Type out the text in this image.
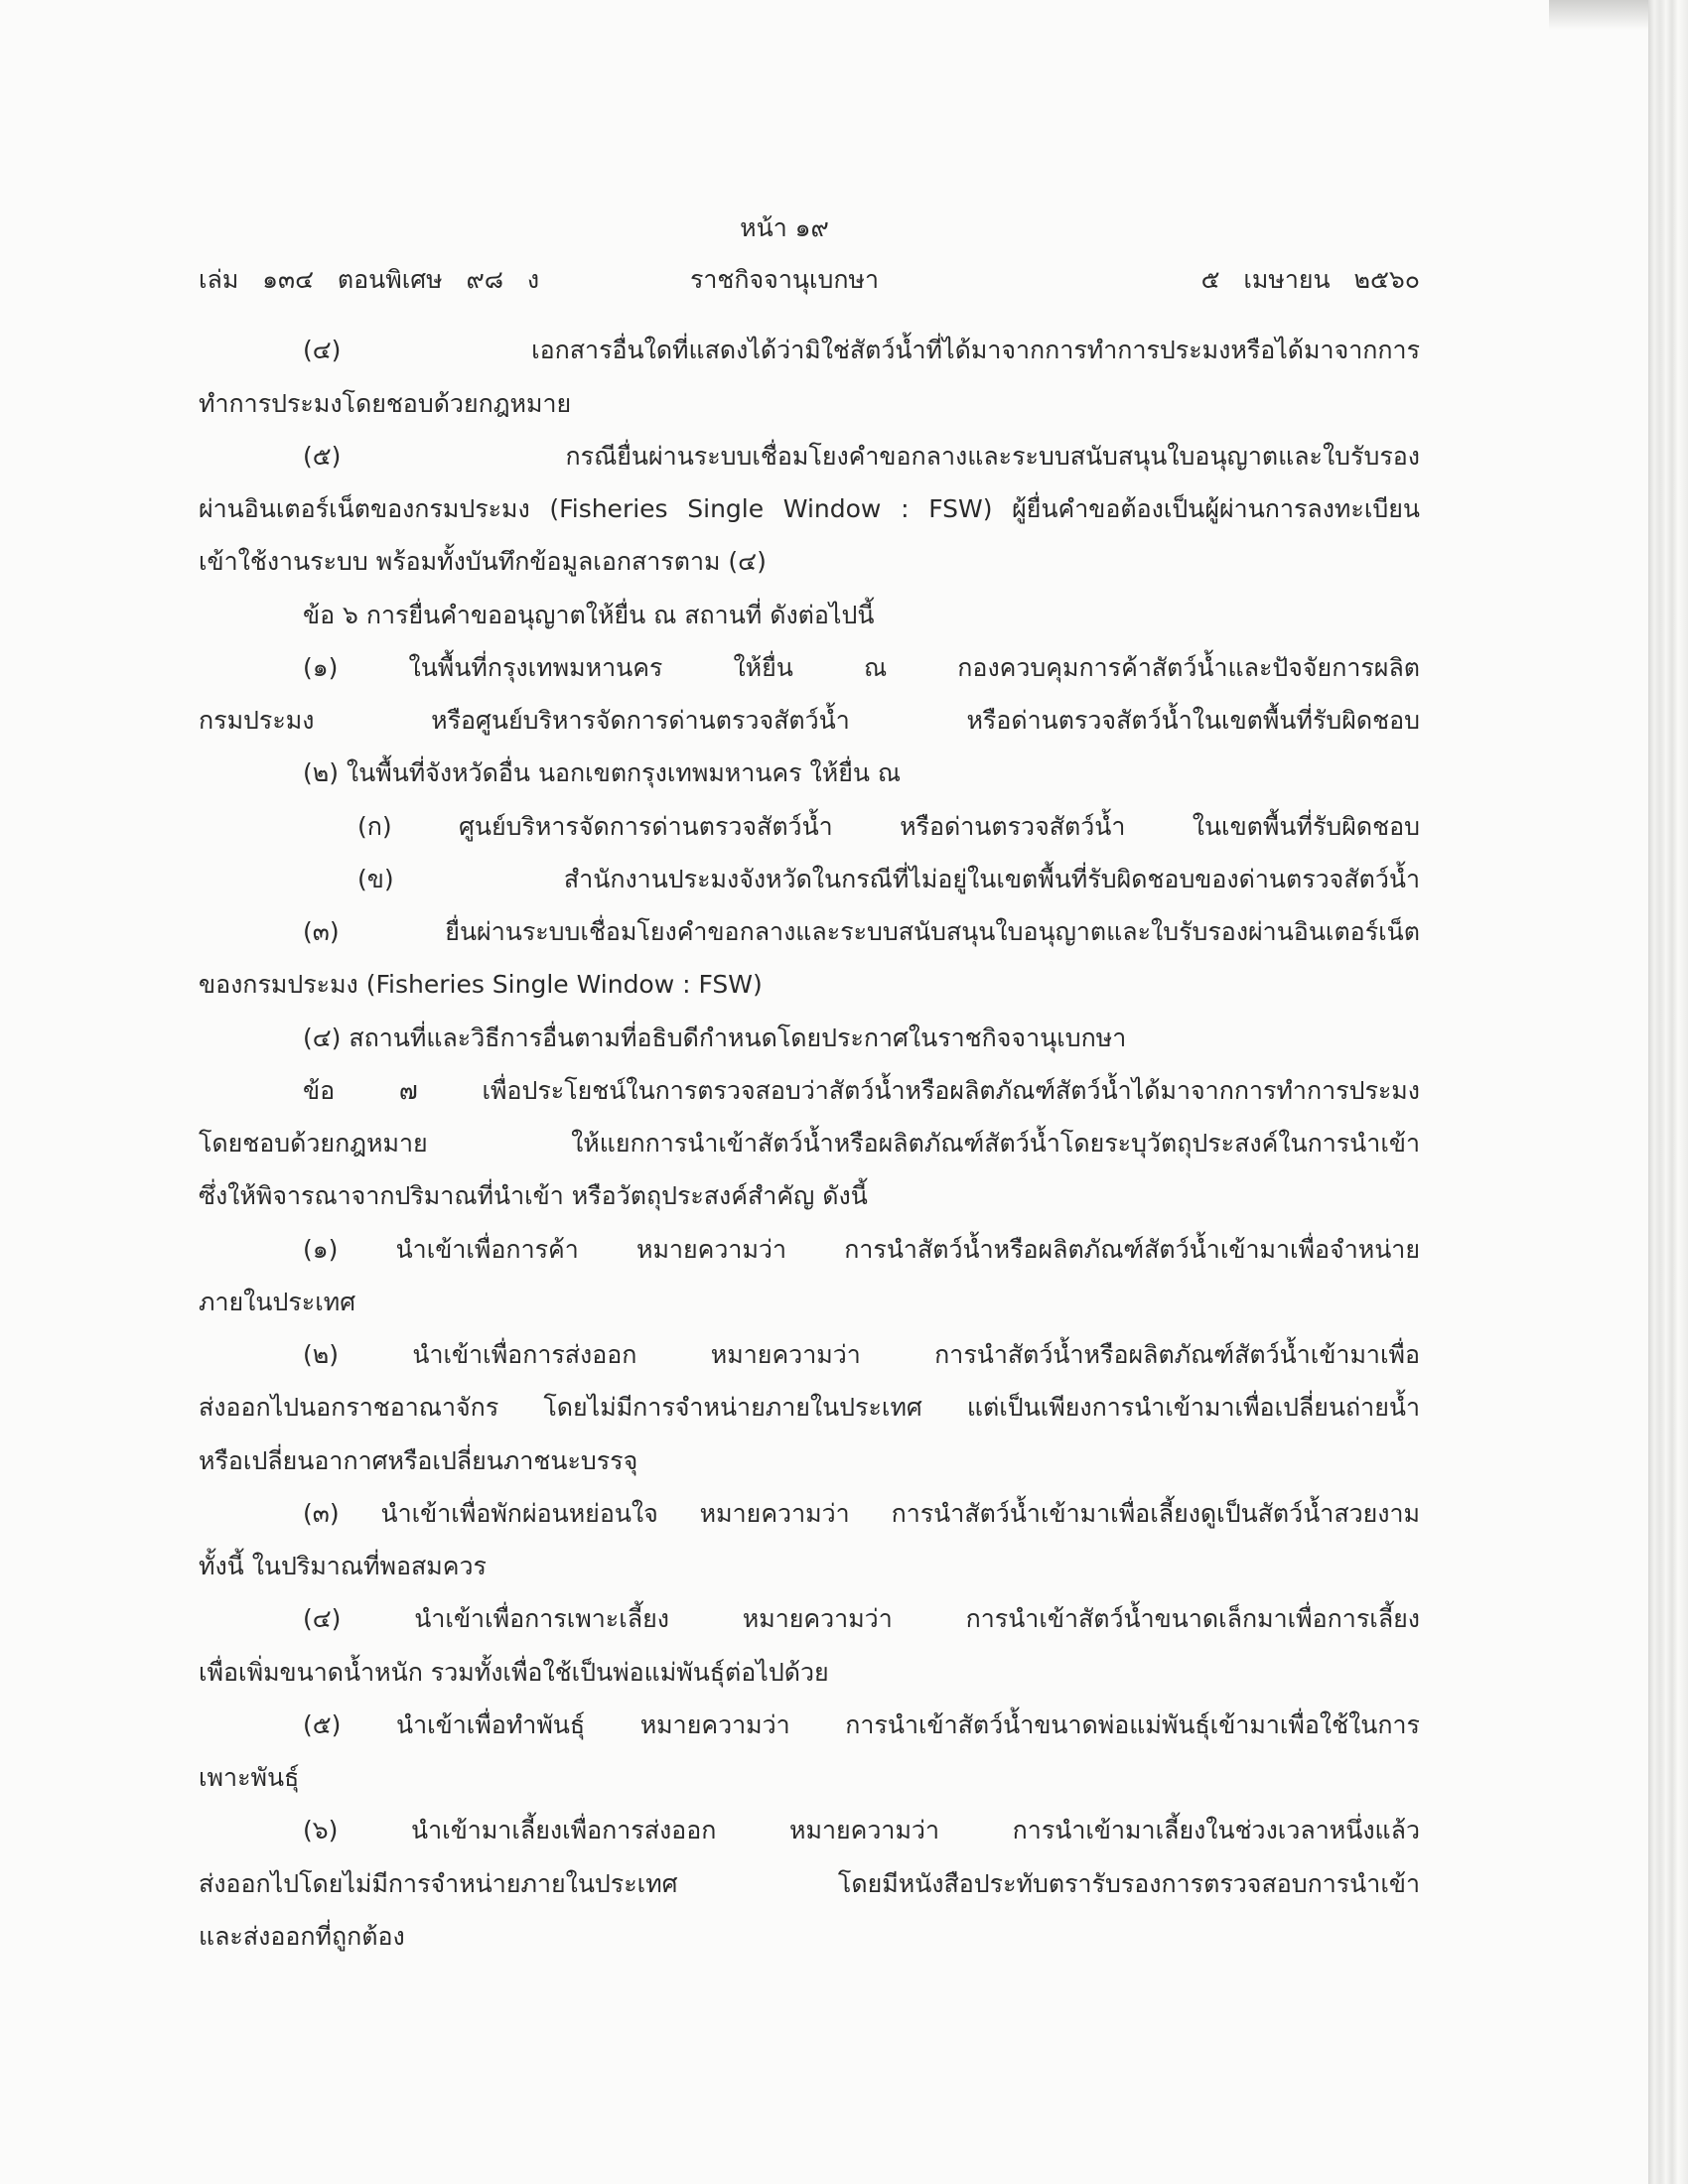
หน้า ๑๙
เล่ม   ๑๓๔   ตอนพิเศษ   ๙๘   ง	ราชกิจจานุเบกษา	๕   เมษายน   ๒๕๖๐
(๔) เอกสารอื่นใดที่แสดงได้ว่ามิใช่สัตว์น้ำที่ได้มาจากการทำการประมงหรือได้มาจากการ
ทำการประมงโดยชอบด้วยกฎหมาย
(๕) กรณียื่นผ่านระบบเชื่อมโยงคำขอกลางและระบบสนับสนุนใบอนุญาตและใบรับรอง
ผ่านอินเตอร์เน็ตของกรมประมง (Fisheries Single Window : FSW) ผู้ยื่นคำขอต้องเป็นผู้ผ่านการลงทะเบียน
เข้าใช้งานระบบ พร้อมทั้งบันทึกข้อมูลเอกสารตาม (๔)
ข้อ ๖ การยื่นคำขออนุญาตให้ยื่น ณ สถานที่ ดังต่อไปนี้
(๑) ในพื้นที่กรุงเทพมหานคร ให้ยื่น ณ กองควบคุมการค้าสัตว์น้ำและปัจจัยการผลิต
กรมประมง หรือศูนย์บริหารจัดการด่านตรวจสัตว์น้ำ หรือด่านตรวจสัตว์น้ำในเขตพื้นที่รับผิดชอบ
(๒) ในพื้นที่จังหวัดอื่น นอกเขตกรุงเทพมหานคร ให้ยื่น ณ
(ก) ศูนย์บริหารจัดการด่านตรวจสัตว์น้ำ หรือด่านตรวจสัตว์น้ำ ในเขตพื้นที่รับผิดชอบ
(ข) สำนักงานประมงจังหวัดในกรณีที่ไม่อยู่ในเขตพื้นที่รับผิดชอบของด่านตรวจสัตว์น้ำ
(๓) ยื่นผ่านระบบเชื่อมโยงคำขอกลางและระบบสนับสนุนใบอนุญาตและใบรับรองผ่านอินเตอร์เน็ต
ของกรมประมง (Fisheries Single Window : FSW)
(๔) สถานที่และวิธีการอื่นตามที่อธิบดีกำหนดโดยประกาศในราชกิจจานุเบกษา
ข้อ ๗ เพื่อประโยชน์ในการตรวจสอบว่าสัตว์น้ำหรือผลิตภัณฑ์สัตว์น้ำได้มาจากการทำการประมง
โดยชอบด้วยกฎหมาย ให้แยกการนำเข้าสัตว์น้ำหรือผลิตภัณฑ์สัตว์น้ำโดยระบุวัตถุประสงค์ในการนำเข้า
ซึ่งให้พิจารณาจากปริมาณที่นำเข้า หรือวัตถุประสงค์สำคัญ ดังนี้
(๑) นำเข้าเพื่อการค้า หมายความว่า การนำสัตว์น้ำหรือผลิตภัณฑ์สัตว์น้ำเข้ามาเพื่อจำหน่าย
ภายในประเทศ
(๒) นำเข้าเพื่อการส่งออก หมายความว่า การนำสัตว์น้ำหรือผลิตภัณฑ์สัตว์น้ำเข้ามาเพื่อ
ส่งออกไปนอกราชอาณาจักร โดยไม่มีการจำหน่ายภายในประเทศ แต่เป็นเพียงการนำเข้ามาเพื่อเปลี่ยนถ่ายน้ำ
หรือเปลี่ยนอากาศหรือเปลี่ยนภาชนะบรรจุ
(๓) นำเข้าเพื่อพักผ่อนหย่อนใจ หมายความว่า การนำสัตว์น้ำเข้ามาเพื่อเลี้ยงดูเป็นสัตว์น้ำสวยงาม
ทั้งนี้ ในปริมาณที่พอสมควร
(๔) นำเข้าเพื่อการเพาะเลี้ยง หมายความว่า การนำเข้าสัตว์น้ำขนาดเล็กมาเพื่อการเลี้ยง
เพื่อเพิ่มขนาดน้ำหนัก รวมทั้งเพื่อใช้เป็นพ่อแม่พันธุ์ต่อไปด้วย
(๕) นำเข้าเพื่อทำพันธุ์ หมายความว่า การนำเข้าสัตว์น้ำขนาดพ่อแม่พันธุ์เข้ามาเพื่อใช้ในการ
เพาะพันธุ์
(๖) นำเข้ามาเลี้ยงเพื่อการส่งออก หมายความว่า การนำเข้ามาเลี้ยงในช่วงเวลาหนึ่งแล้ว
ส่งออกไปโดยไม่มีการจำหน่ายภายในประเทศ โดยมีหนังสือประทับตรารับรองการตรวจสอบการนำเข้า
และส่งออกที่ถูกต้อง
